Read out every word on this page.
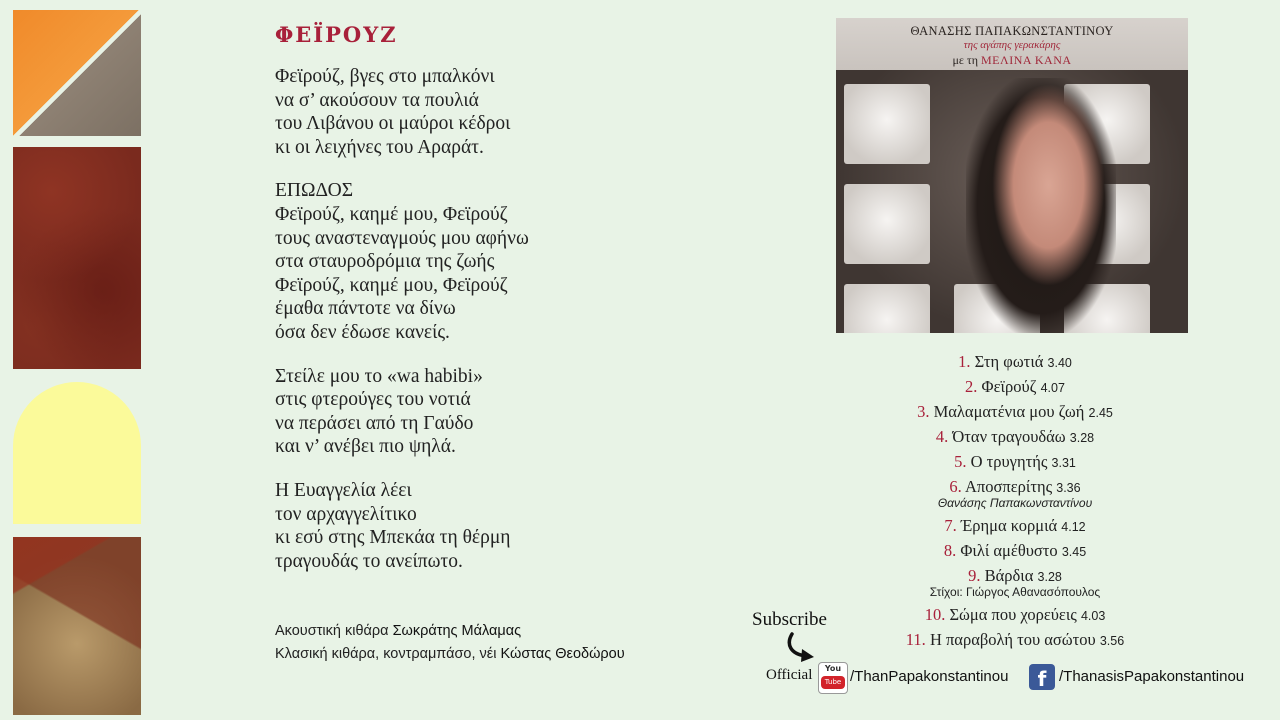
ΦΕΪΡΟΥΖ
Φεϊρούζ, βγες στο μπαλκόνι
να σ’ ακούσουν τα πουλιά
του Λιβάνου οι μαύροι κέδροι
κι οι λειχήνες του Αραράτ.
ΕΠΩΔΟΣ
Φεϊρούζ, καημέ μου, Φεϊρούζ
τους αναστεναγμούς μου αφήνω
στα σταυροδρόμια της ζωής
Φεϊρούζ, καημέ μου, Φεϊρούζ
έμαθα πάντοτε να δίνω
όσα δεν έδωσε κανείς.
Στείλε μου το «wa habibi»
στις φτερούγες του νοτιά
να περάσει από τη Γαύδο
και ν’ ανέβει πιο ψηλά.
Η Ευαγγελία λέει
τον αρχαγγελίτικο
κι εσύ στης Μπεκάα τη θέρμη
τραγουδάς το ανείπωτο.
Ακουστική κιθάρα Σωκράτης Μάλαμας
Κλασική κιθάρα, κοντραμπάσο, νέι Κώστας Θεοδώρου
ΘΑΝΑΣΗΣ ΠΑΠΑΚΩΝΣΤΑΝΤΙΝΟΥ
της αγάπης γερακάρης
με τη ΜΕΛΙΝΑ ΚΑΝΑ
1. Στη φωτιά 3.40
2. Φεϊρούζ 4.07
3. Μαλαματένια μου ζωή 2.45
4. Όταν τραγουδάω 3.28
5. Ο τρυγητής 3.31
6. Αποσπερίτης 3.36
Θανάσης Παπακωνσταντίνου
7. Έρημα κορμιά 4.12
8. Φιλί αμέθυστο 3.45
9. Βάρδια 3.28
Στίχοι: Γιώργος Αθανασόπουλος
10. Σώμα που χορεύεις 4.03
11. Η παραβολή του ασώτου 3.56
Subscribe
Official	You
Tube /ThanPapakonstantinou	f /ThanasisPapakonstantinou
